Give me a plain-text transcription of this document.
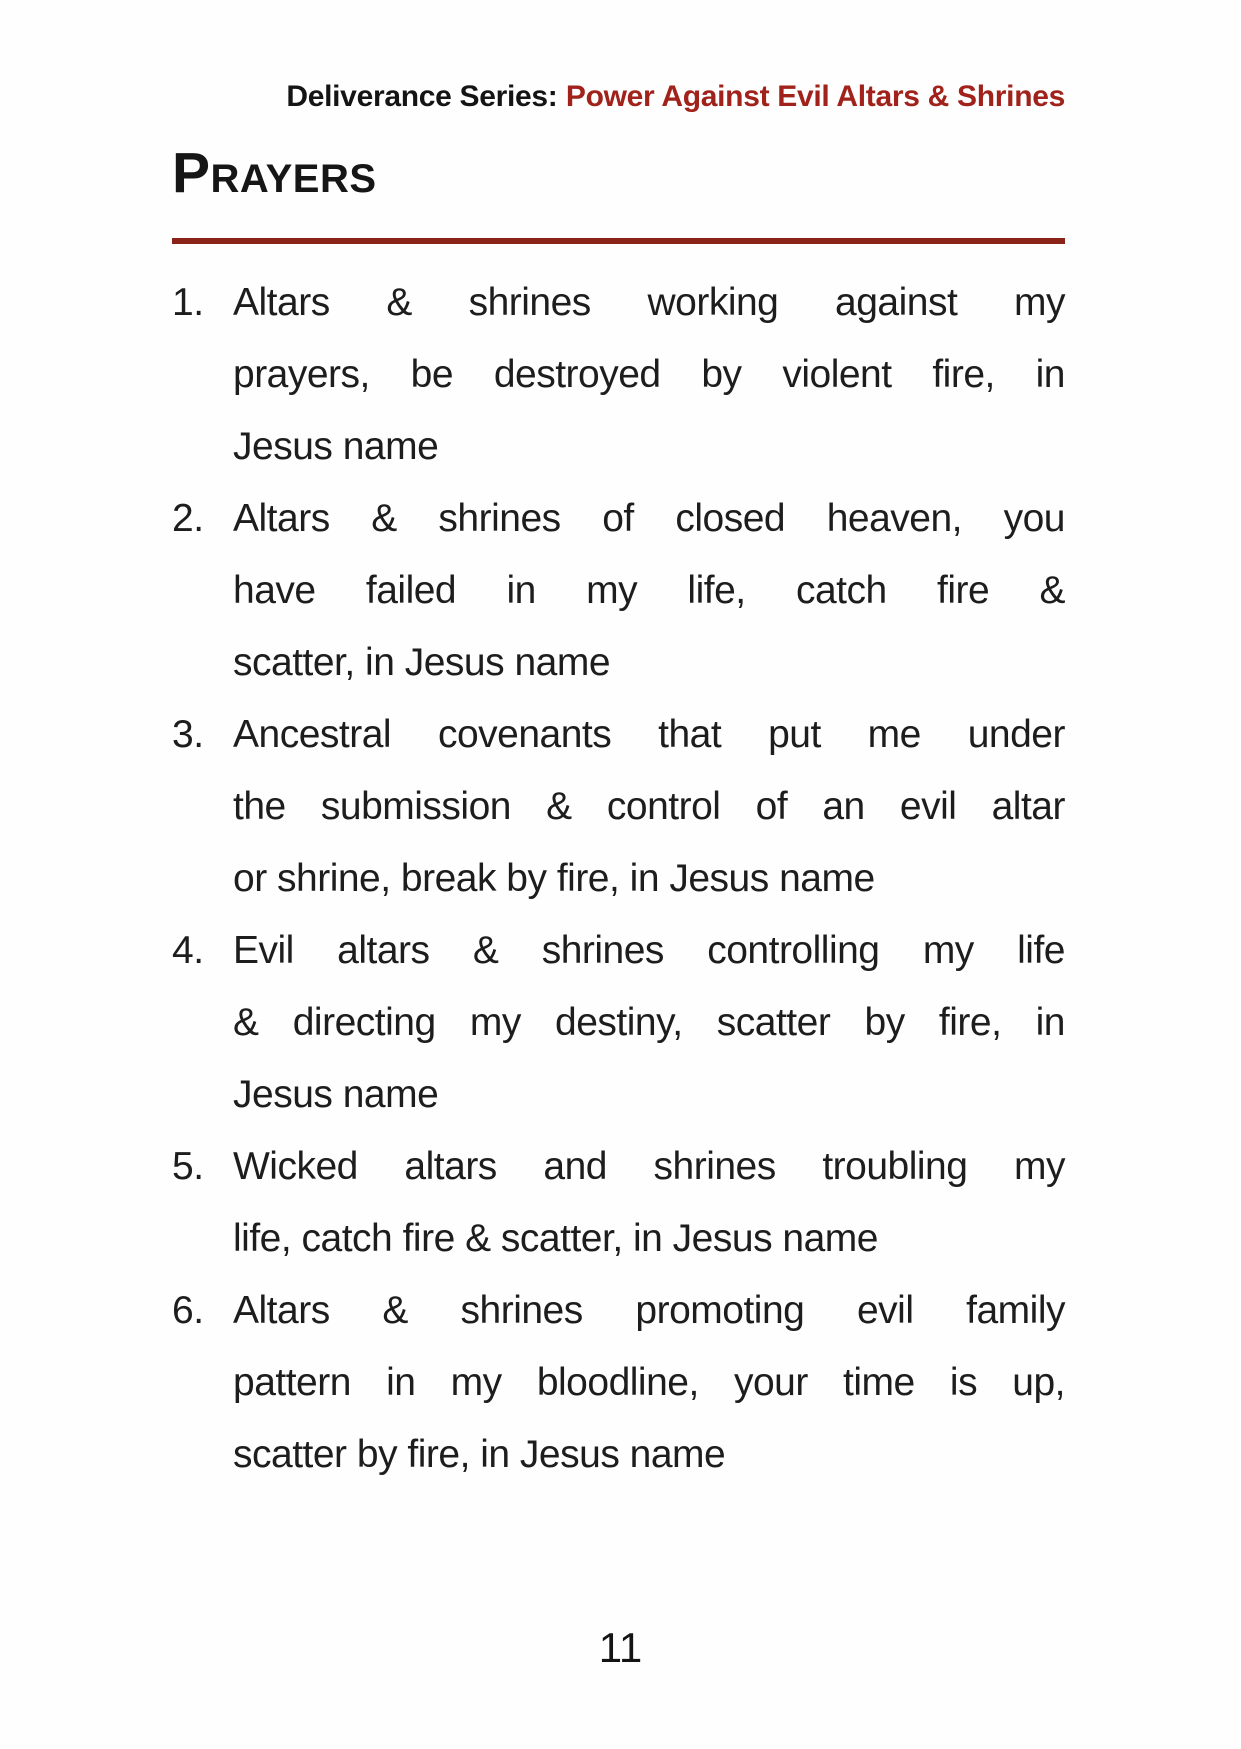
Deliverance Series: Power Against Evil Altars & Shrines
Prayers
1. Altars & shrines working against my
prayers, be destroyed by violent fire, in
Jesus name
2. Altars & shrines of closed heaven, you
have failed in my life, catch fire &
scatter, in Jesus name
3. Ancestral covenants that put me under
the submission & control of an evil altar
or shrine, break by fire, in Jesus name
4. Evil altars & shrines controlling my life
& directing my destiny, scatter by fire, in
Jesus name
5. Wicked altars and shrines troubling my
life, catch fire & scatter, in Jesus name
6. Altars & shrines promoting evil family
pattern in my bloodline, your time is up,
scatter by fire, in Jesus name
11
